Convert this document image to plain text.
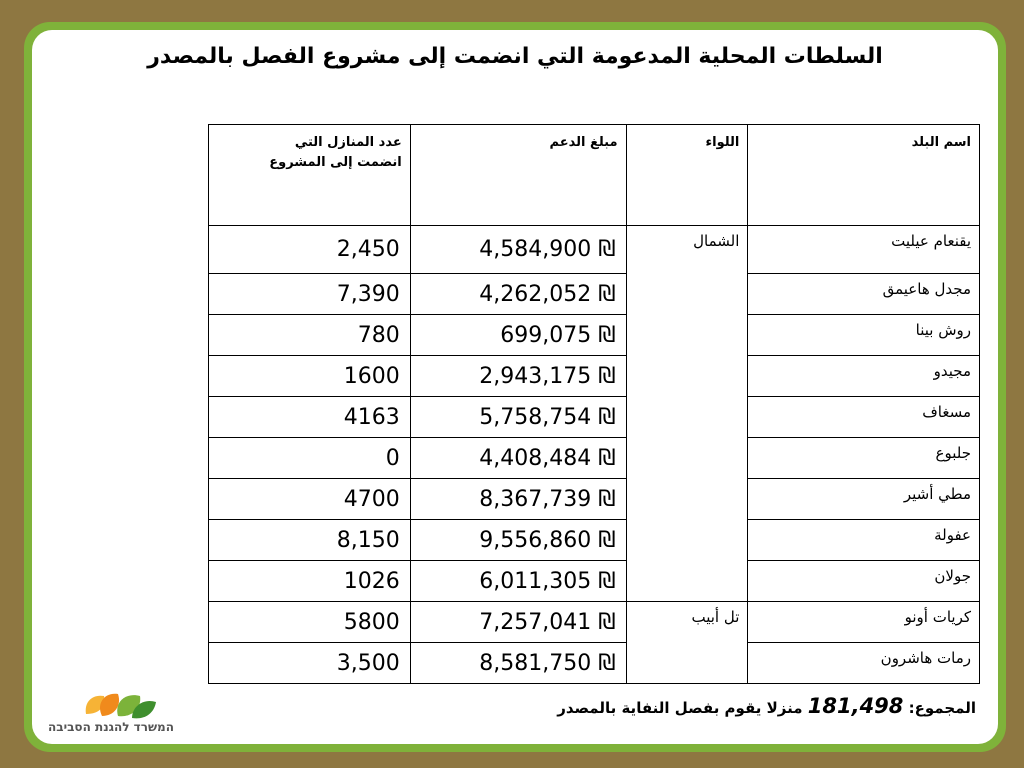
السلطات المحلية المدعومة التي انضمت إلى مشروع الفصل بالمصدر
اسم البلد	اللواء	مبلغ الدعم	عدد المنازل التي
انضمت إلى المشروع
يقنعام عيليت	الشمال	4,584,900 ₪	2,450
مجدل هاعيمق		4,262,052 ₪	7,390
روش بينا		699,075 ₪	780
مجيدو		2,943,175 ₪	1600
مسغاف		5,758,754 ₪	4163
جلبوع		4,408,484 ₪	0
مطي أشير		8,367,739 ₪	4700
عفولة		9,556,860 ₪	8,150
جولان		6,011,305 ₪	1026
كريات أونو	تل أبيب	7,257,041 ₪	5800
رمات هاشرون		8,581,750 ₪	3,500
المجموع: 181,498 منزلا يقوم بفصل النفاية بالمصدر
המשרד להגנת הסביבה
